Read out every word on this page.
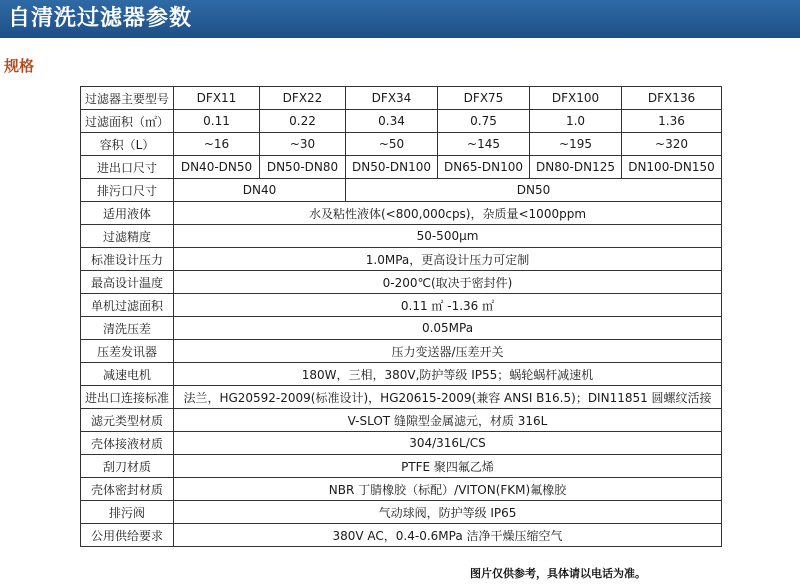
自清洗过滤器参数
规格
过滤器主要型号	DFX11	DFX22	DFX34	DFX75	DFX100	DFX136
过滤面积（㎡）	0.11	0.22	0.34	0.75	1.0	1.36
容积（L）	~16	~30	~50	~145	~195	~320
进出口尺寸	DN40-DN50	DN50-DN80	DN50-DN100	DN65-DN100	DN80-DN125	DN100-DN150
排污口尺寸	DN40		DN50			
适用液体	水及粘性液体(<800,000cps)，杂质量<1000ppm					
过滤精度	50-500μm					
标准设计压力	1.0MPa，更高设计压力可定制					
最高设计温度	0-200℃(取决于密封件)					
单机过滤面积	0.11 ㎡ -1.36 ㎡					
清洗压差	0.05MPa					
压差发讯器	压力变送器/压差开关					
减速电机	180W，三相，380V,防护等级 IP55；蜗轮蜗杆减速机					
进出口连接标准	法兰，HG20592-2009(标准设计)，HG20615-2009(兼容 ANSI B16.5)；DIN11851 圆螺纹活接					
滤元类型材质	V-SLOT 缝隙型金属滤元，材质 316L					
壳体接液材质	304/316L/CS					
刮刀材质	PTFE 聚四氟乙烯					
壳体密封材质	NBR 丁腈橡胶（标配）/VITON(FKM)氟橡胶					
排污阀	气动球阀，防护等级 IP65					
公用供给要求	380V AC，0.4-0.6MPa 洁净干燥压缩空气					
图片仅供参考，具体请以电话为准。
